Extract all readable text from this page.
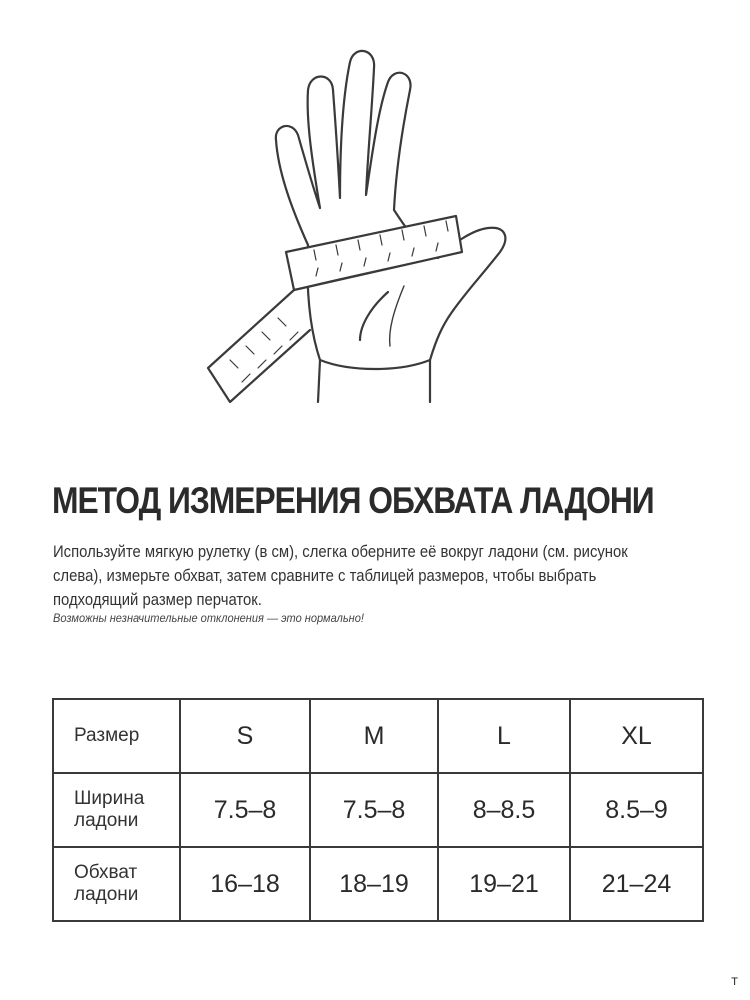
МЕТОД ИЗМЕРЕНИЯ ОБХВАТА ЛАДОНИ

Используйте мягкую рулетку (в см), слегка оберните её вокруг ладони (см. рисунок слева), измерьте обхват, затем сравните с таблицей размеров, чтобы выбрать подходящий размер перчаток.

Возможны незначительные отклонения — это нормально!

Размер	S	M	L	XL
Ширина
ладони	7.5–8	7.5–8	8–8.5	8.5–9
Обхват
ладони	16–18	18–19	19–21	21–24
T
